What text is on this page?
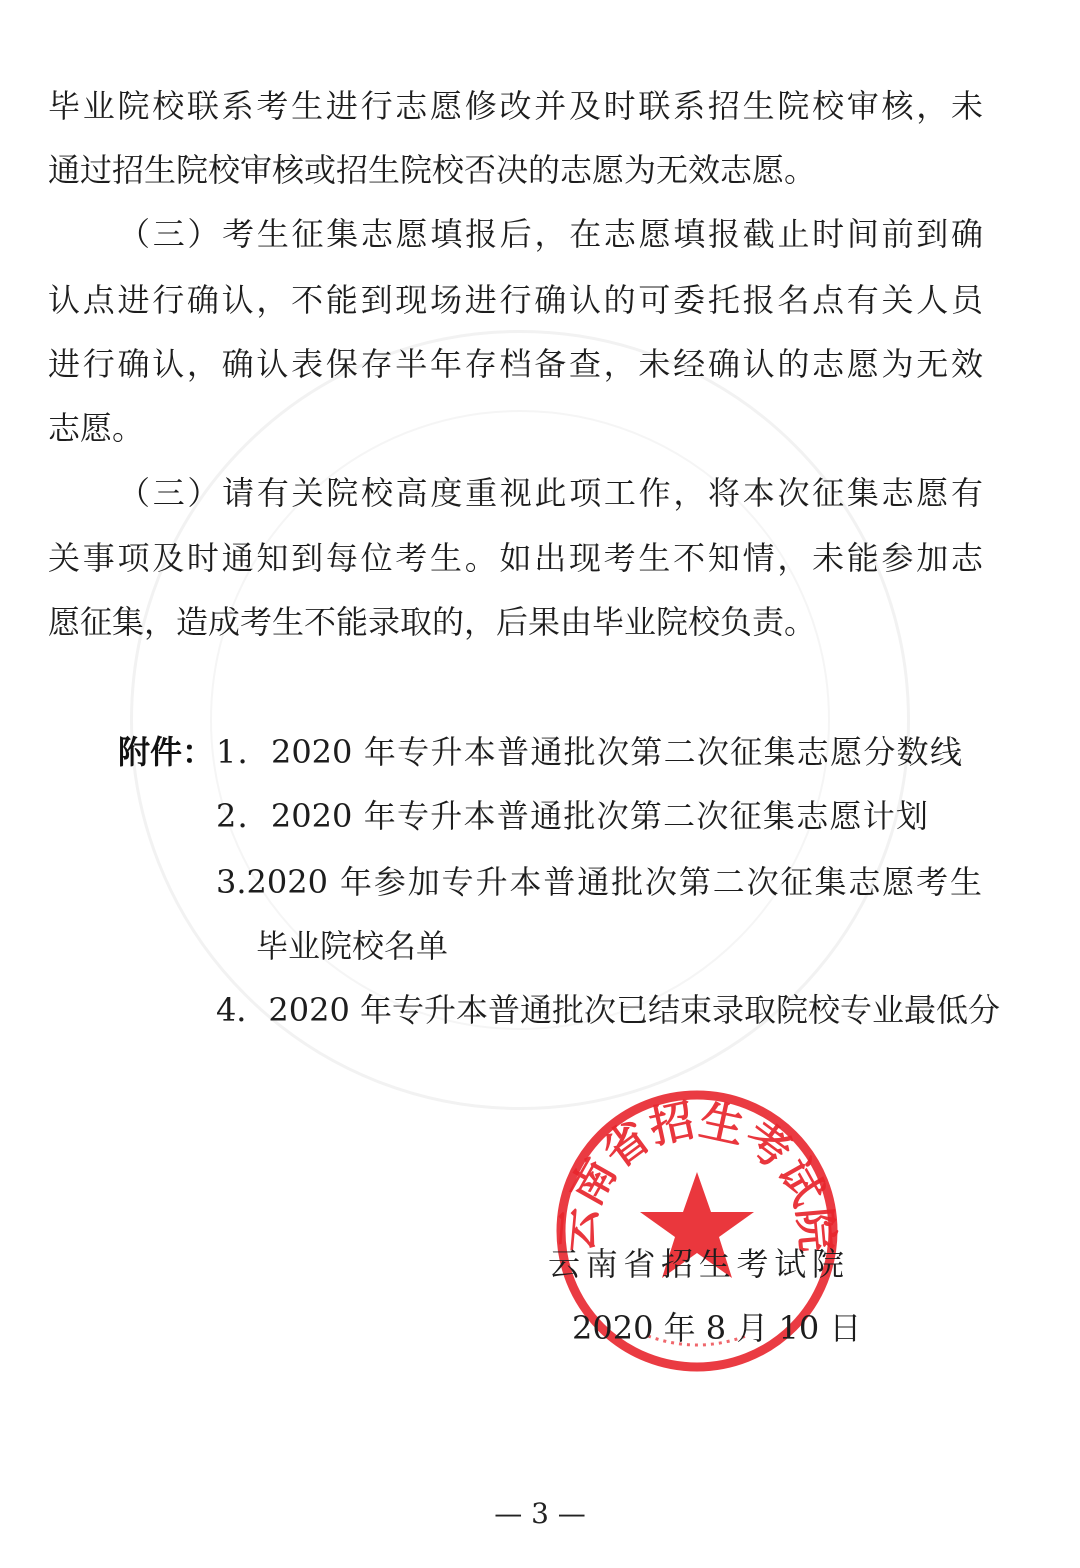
毕业院校联系考生进行志愿修改并及时联系招生院校审核，未
通过招生院校审核或招生院校否决的志愿为无效志愿。
（三）考生征集志愿填报后，在志愿填报截止时间前到确
认点进行确认，不能到现场进行确认的可委托报名点有关人员
进行确认，确认表保存半年存档备查，未经确认的志愿为无效
志愿。
（三）请有关院校高度重视此项工作，将本次征集志愿有
关事项及时通知到每位考生。如出现考生不知情，未能参加志
愿征集，造成考生不能录取的，后果由毕业院校负责。
附件： 1．2020 年专升本普通批次第二次征集志愿分数线
2．2020 年专升本普通批次第二次征集志愿计划
3.2020 年参加专升本普通批次第二次征集志愿考生
毕业院校名单
4．2020 年专升本普通批次已结束录取院校专业最低分
云南省招生考试院
云南省招生考试院
2020 年 8 月 10 日
— 3 —
